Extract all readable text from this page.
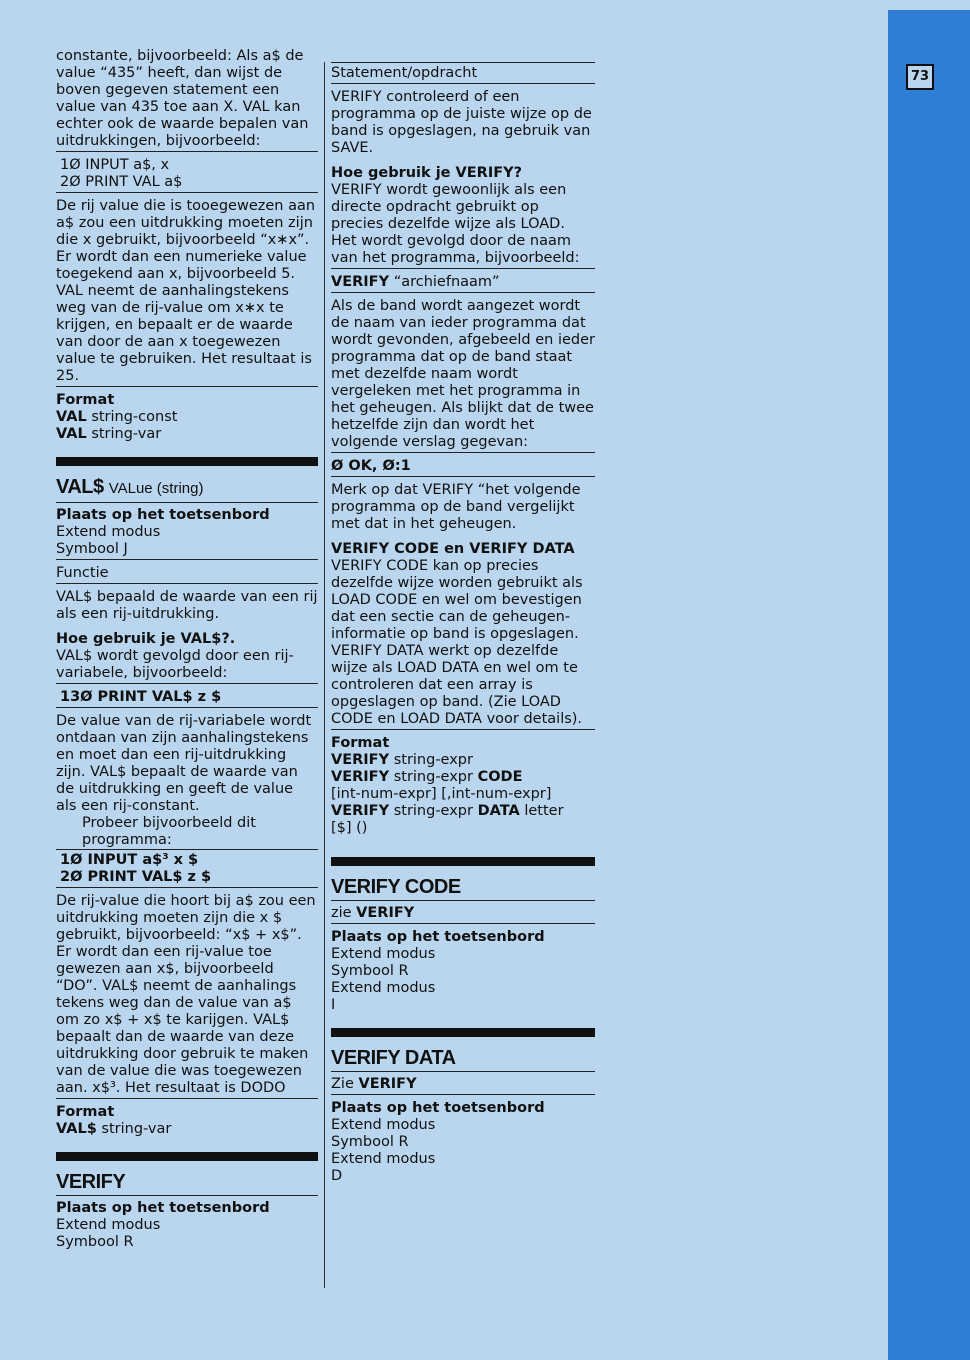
73

constante, bijvoorbeeld: Als a$ de value “435” heeft, dan wijst de boven gegeven statement een value van 435 toe aan X. VAL kan echter ook de waarde bepalen van uitdrukkingen, bijvoorbeeld:

1Ø INPUT a$, x

2Ø PRINT VAL a$

De rij value die is tooegewezen aan a$ zou een uitdrukking moeten zijn die x gebruikt, bijvoorbeeld “x∗x”. Er wordt dan een numerieke value toegekend aan x, bijvoorbeeld 5. VAL neemt de aanhalingstekens weg van de rij-value om x∗x te krijgen, en bepaalt er de waarde van door de aan x toegewezen value te gebruiken. Het resultaat is 25.

Format

VAL string-const

VAL string-var

VAL$ VALue (string)

Plaats op het toetsenbord

Extend modus

Symbool J

Functie

VAL$ bepaald de waarde van een rij als een rij-uitdrukking.

Hoe gebruik je VAL$?.

VAL$ wordt gevolgd door een rij-variabele, bijvoorbeeld:

13Ø PRINT VAL$ z $

De value van de rij-variabele wordt ontdaan van zijn aanhalingstekens en moet dan een rij-uitdrukking zijn. VAL$ bepaalt de waarde van de uitdrukking en geeft de value als een rij-constant.

Probeer bijvoorbeeld dit programma:

1Ø INPUT a$³ x $

2Ø PRINT VAL$ z $

De rij-value die hoort bij a$ zou een uitdrukking moeten zijn die x $ gebruikt, bijvoorbeeld: “x$ + x$”. Er wordt dan een rij-value toe gewezen aan x$, bijvoorbeeld “DO”. VAL$ neemt de aanhalings tekens weg dan de value van a$ om zo x$ + x$ te karijgen. VAL$ bepaalt dan de waarde van deze uitdrukking door gebruik te maken van de value die was toegewezen aan. x$³. Het resultaat is DODO

Format

VAL$ string-var

VERIFY

Plaats op het toetsenbord

Extend modus

Symbool R

Statement/opdracht

VERIFY controleerd of een programma op de juiste wijze op de band is opgeslagen, na gebruik van SAVE.

Hoe gebruik je VERIFY?

VERIFY wordt gewoonlijk als een directe opdracht gebruikt op precies dezelfde wijze als LOAD. Het wordt gevolgd door de naam van het programma, bijvoorbeeld:

VERIFY “archiefnaam”

Als de band wordt aangezet wordt de naam van ieder programma dat wordt gevonden, afgebeeld en ieder programma dat op de band staat met dezelfde naam wordt vergeleken met het programma in het geheugen. Als blijkt dat de twee hetzelfde zijn dan wordt het volgende verslag gegevan:

Ø OK, Ø:1

Merk op dat VERIFY “het volgende programma op de band vergelijkt met dat in het geheugen.

VERIFY CODE en VERIFY DATA

VERIFY CODE kan op precies dezelfde wijze worden gebruikt als LOAD CODE en wel om bevestigen dat een sectie can de geheugen-informatie op band is opgeslagen. VERIFY DATA werkt op dezelfde wijze als LOAD DATA en wel om te controleren dat een array is opgeslagen op band. (Zie LOAD CODE en LOAD DATA voor details).

Format

VERIFY string-expr

VERIFY string-expr CODE

[int-num-expr] [,int-num-expr]

VERIFY string-expr DATA letter

[$] ()

VERIFY CODE

zie VERIFY

Plaats op het toetsenbord

Extend modus

Symbool R

Extend modus

I

VERIFY DATA

Zie VERIFY

Plaats op het toetsenbord

Extend modus

Symbool R

Extend modus

D
